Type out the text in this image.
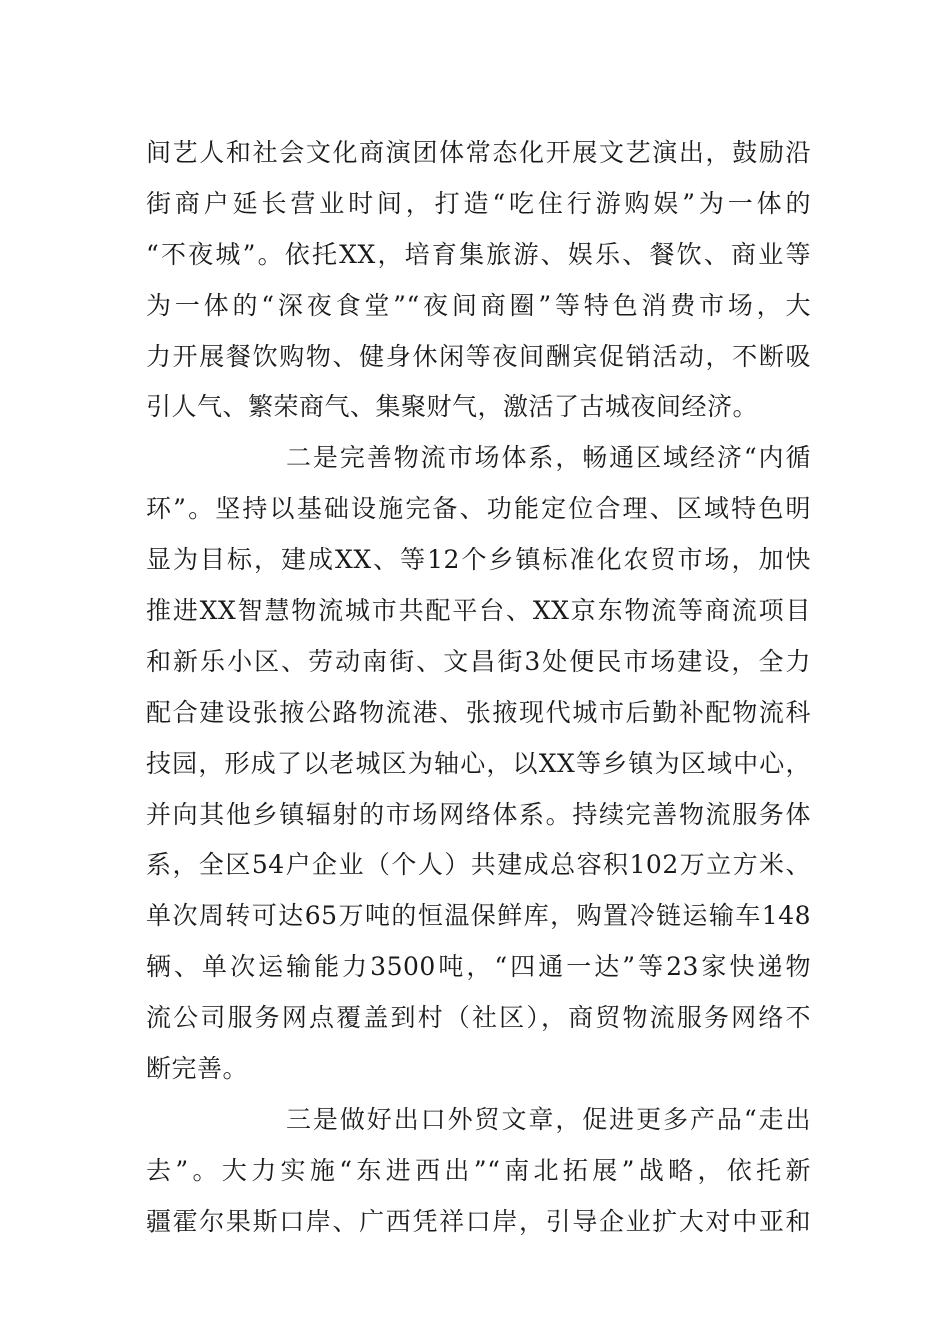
间艺人和社会文化商演团体常态化开展文艺演出，鼓励沿
街商户延长营业时间，打造“吃住行游购娱”为一体的
“不夜城”。依托XX，培育集旅游、娱乐、餐饮、商业等
为一体的“深夜食堂”“夜间商圈”等特色消费市场，大
力开展餐饮购物、健身休闲等夜间酬宾促销活动，不断吸
引人气、繁荣商气、集聚财气，激活了古城夜间经济。
二是完善物流市场体系，畅通区域经济“内循
环”。坚持以基础设施完备、功能定位合理、区域特色明
显为目标，建成XX、等12个乡镇标准化农贸市场，加快
推进XX智慧物流城市共配平台、XX京东物流等商流项目
和新乐小区、劳动南街、文昌街3处便民市场建设，全力
配合建设张掖公路物流港、张掖现代城市后勤补配物流科
技园，形成了以老城区为轴心，以XX等乡镇为区域中心，
并向其他乡镇辐射的市场网络体系。持续完善物流服务体
系，全区54户企业（个人）共建成总容积102万立方米、
单次周转可达65万吨的恒温保鲜库，购置冷链运输车148
辆、单次运输能力3500吨，“四通一达”等23家快递物
流公司服务网点覆盖到村（社区），商贸物流服务网络不
断完善。
三是做好出口外贸文章，促进更多产品“走出
去”。大力实施“东进西出”“南北拓展”战略，依托新
疆霍尔果斯口岸、广西凭祥口岸，引导企业扩大对中亚和
